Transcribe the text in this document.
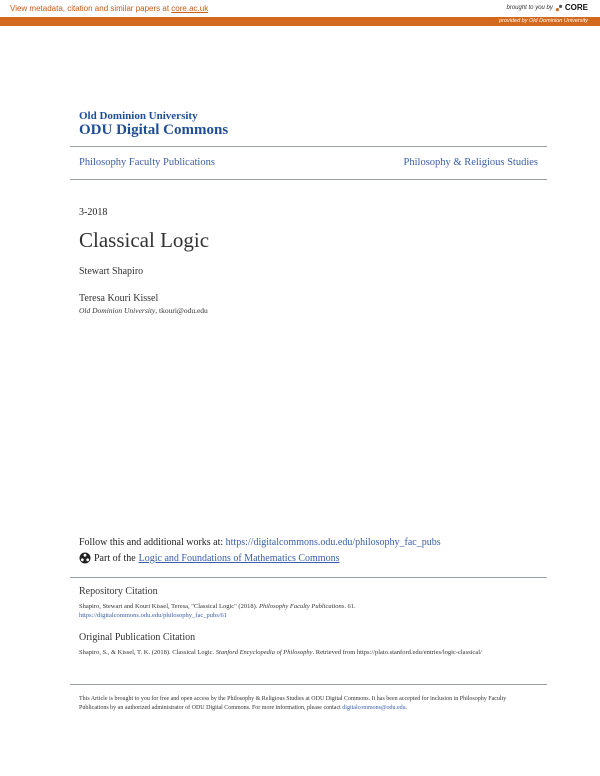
View metadata, citation and similar papers at core.ac.uk	brought to you by CORE
provided by Old Dominion University
Old Dominion University
ODU Digital Commons
Philosophy Faculty Publications	Philosophy & Religious Studies
3-2018
Classical Logic
Stewart Shapiro
Teresa Kouri Kissel
Old Dominion University, tkouri@odu.edu
Follow this and additional works at: https://digitalcommons.odu.edu/philosophy_fac_pubs
Part of the Logic and Foundations of Mathematics Commons
Repository Citation
Shapiro, Stewart and Kouri Kissel, Teresa, "Classical Logic" (2018). Philosophy Faculty Publications. 61.
https://digitalcommons.odu.edu/philosophy_fac_pubs/61
Original Publication Citation
Shapiro, S., & Kissel, T. K. (2018). Classical Logic. Stanford Encyclopedia of Philosophy. Retrieved from https://plato.stanford.edu/entries/logic-classical/
This Article is brought to you for free and open access by the Philosophy & Religious Studies at ODU Digital Commons. It has been accepted for inclusion in Philosophy Faculty Publications by an authorized administrator of ODU Digital Commons. For more information, please contact digitalcommons@odu.edu.
